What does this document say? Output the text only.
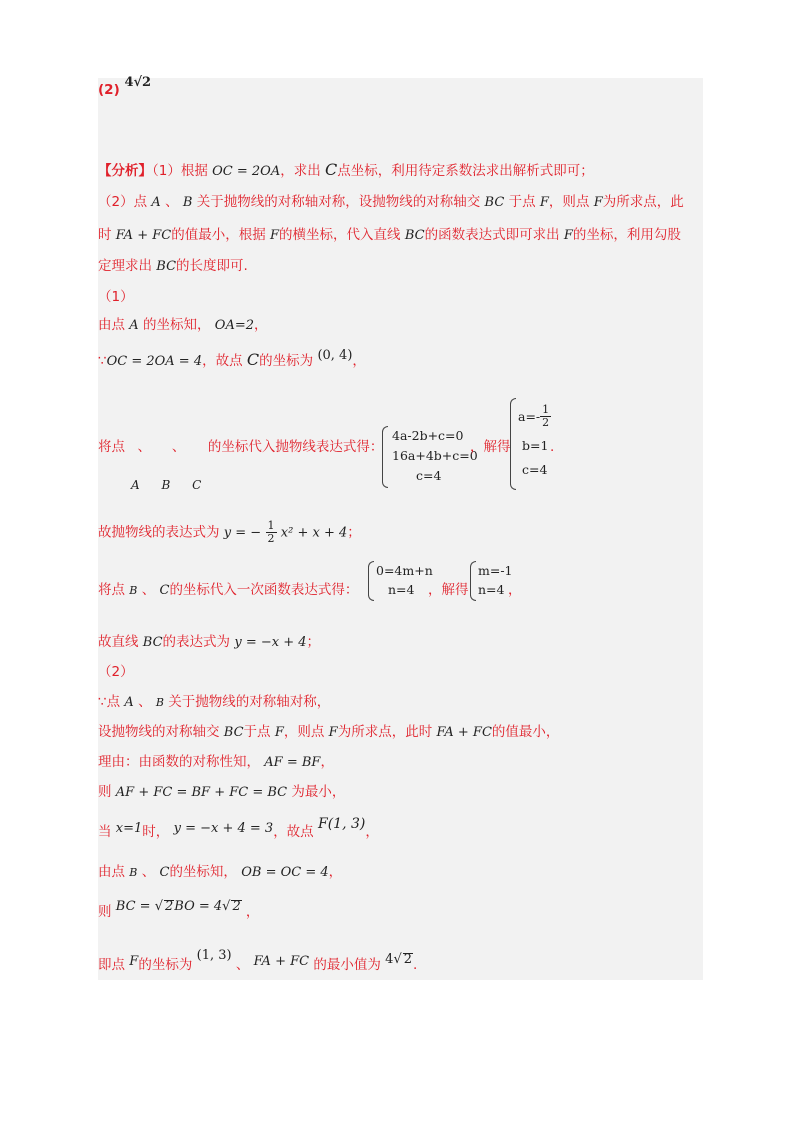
(2) 4√2
【分析】（1）根据 OC = 2OA，求出 C点坐标，利用待定系数法求出解析式即可；
（2）点 A 、 B 关于抛物线的对称轴对称，设抛物线的对称轴交 BC 于点 F，则点 F为所求点，此
时 FA + FC的值最小，根据 F的横坐标，代入直线 BC的函数表达式即可求出 F的坐标，利用勾股
定理求出 BC的长度即可.
（1）
由点 A 的坐标知， OA=2，
∵OC = 2OA = 4，故点 C的坐标为 (0, 4)，
将点 、 、 的坐标代入抛物线表达式得：
A B C
4a-2b+c=0
16a+4b+c=0
c=4
，解得
$a=- \frac{1}{2}$
b=1
c=4
.
故抛物线的表达式为 y = − $\frac{1}{2} x^2 + x + 4$；
将点 B 、 C的坐标代入一次函数表达式得：
0=4m+n
n=4	，解得
m=-1
n=4 ，
故直线 BC的表达式为 y = −x + 4；
（2）
∵点 A 、 B 关于抛物线的对称轴对称，
设抛物线的对称轴交 BC于点 F，则点 F为所求点，此时 FA + FC的值最小，
理由：由函数的对称性知， AF = BF，
则 AF + FC = BF + FC = BC 为最小，
当 x=1时， y = −x + 4 = 3，故点 F(1, 3)，
由点 B 、 C的坐标知， OB = OC = 4，
则 BC = √ 2BO = 4√ 2 ，
即点 F的坐标为 (1, 3) 、 FA + FC 的最小值为 4√ 2.
